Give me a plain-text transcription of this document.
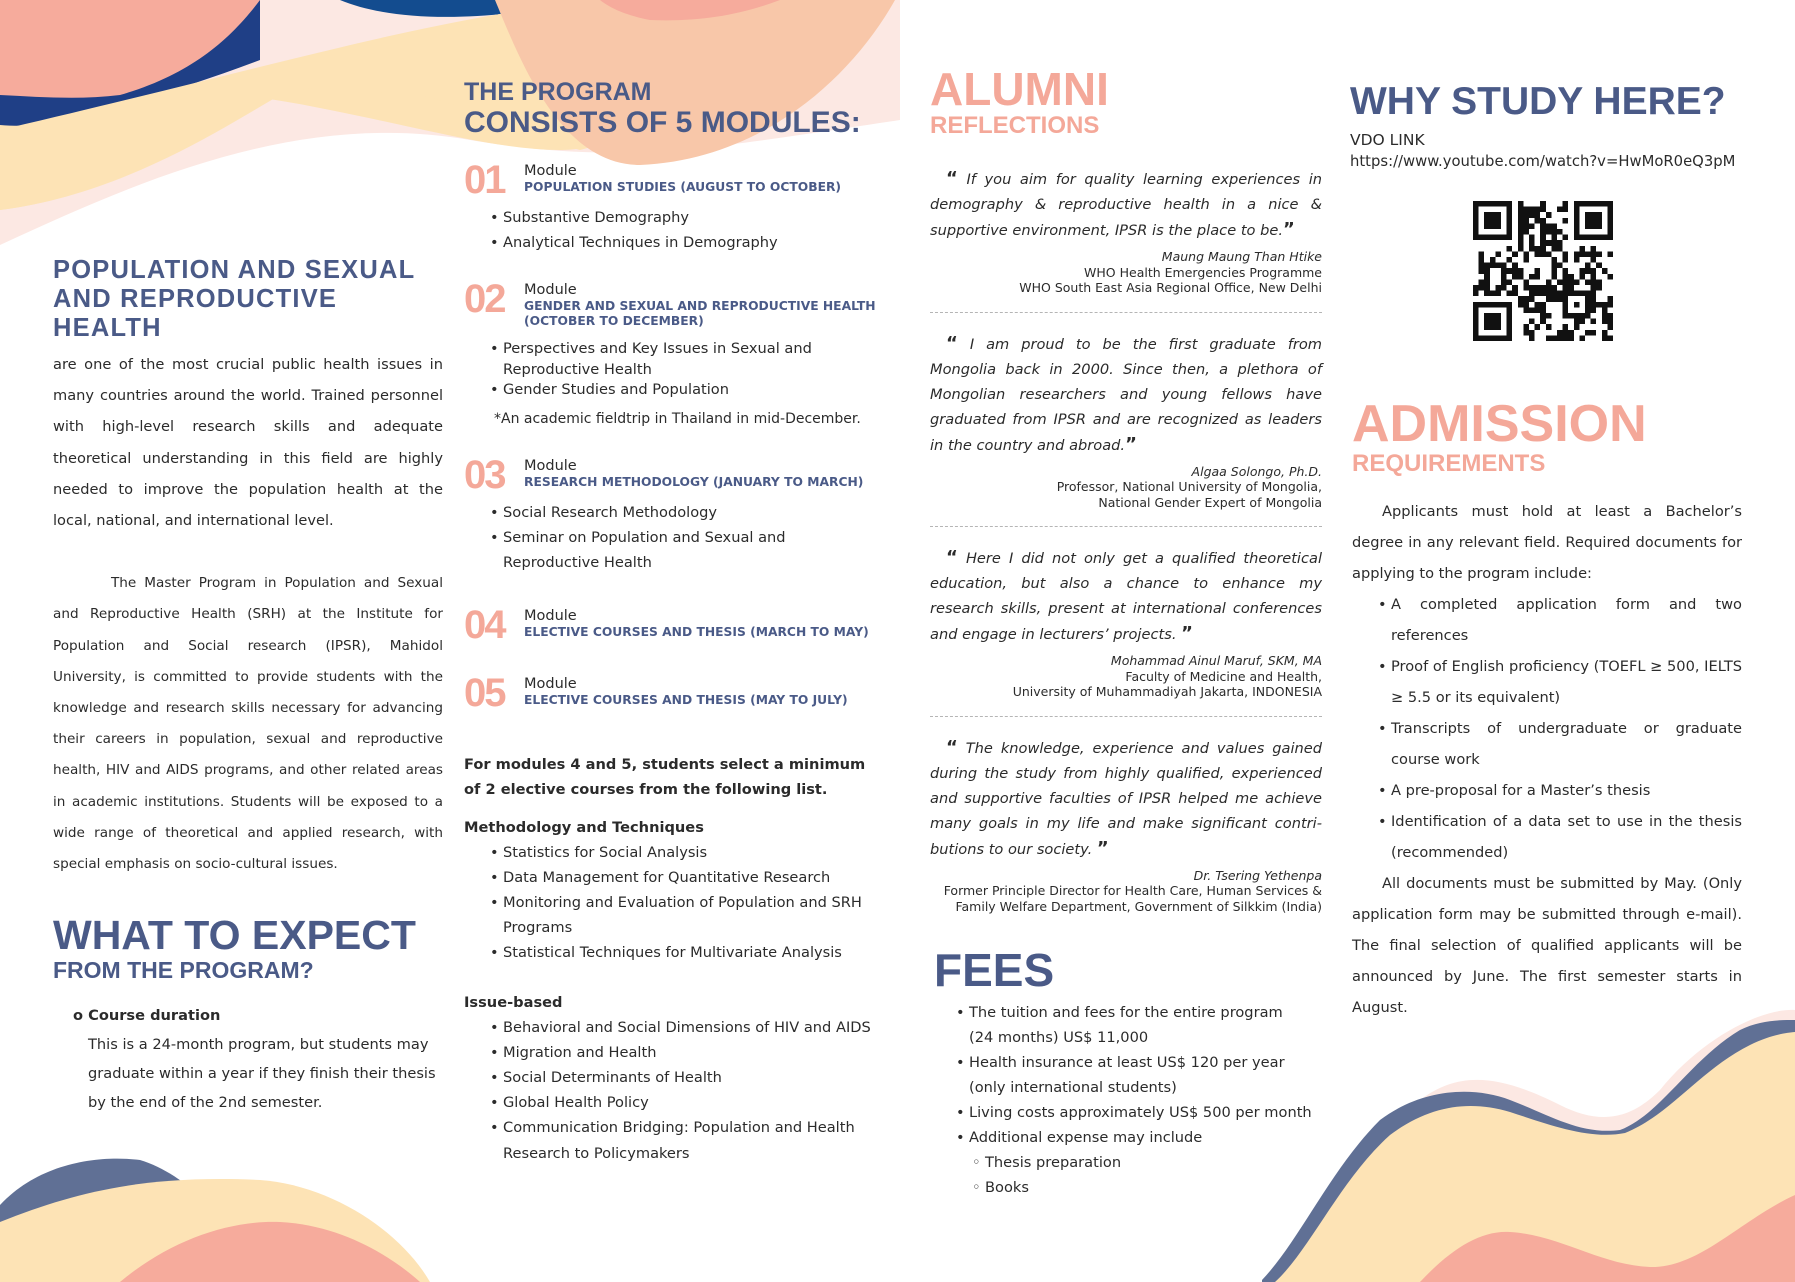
POPULATION AND SEXUAL
AND REPRODUCTIVE HEALTH

are one of the most crucial public health issues in many countries around the world. Trained personnel with high-level research skills and adequate theoretical understanding in this field are highly needed to improve the population health at the local, national, and international level.

The Master Program in Population and Sexual and Reproductive Health (SRH) at the Institute for Population and Social research (IPSR), Mahidol University, is committed to provide students with the knowledge and research skills necessary for advancing their careers in population, sexual and reproductive health, HIV and AIDS programs, and other related areas in academic institutions. Students will be exposed to a wide range of theoretical and applied research, with special emphasis on socio-cultural issues.

WHAT TO EXPECT
FROM THE PROGRAM?
o Course duration

This is a 24-month program, but students may graduate within a year if they finish their thesis by the end of the 2nd semester.

THE PROGRAM
CONSISTS OF 5 MODULES:
01 Module
POPULATION STUDIES (AUGUST TO OCTOBER)
• Substantive Demography
• Analytical Techniques in Demography
02 Module
GENDER AND SEXUAL AND REPRODUCTIVE HEALTH (OCTOBER TO DECEMBER)
• Perspectives and Key Issues in Sexual and Reproductive Health
• Gender Studies and Population

*An academic fieldtrip in Thailand in mid-December.

03 Module
RESEARCH METHODOLOGY (JANUARY TO MARCH)
• Social Research Methodology
• Seminar on Population and Sexual and Reproductive Health
04 Module
ELECTIVE COURSES AND THESIS (MARCH TO MAY)
05 Module
ELECTIVE COURSES AND THESIS (MAY TO JULY)

For modules 4 and 5, students select a minimum of 2 elective courses from the following list.

Methodology and Techniques
• Statistics for Social Analysis
• Data Management for Quantitative Research
• Monitoring and Evaluation of Population and SRH Programs
• Statistical Techniques for Multivariate Analysis
Issue-based
• Behavioral and Social Dimensions of HIV and AIDS
• Migration and Health
• Social Determinants of Health
• Global Health Policy
• Communication Bridging: Population and Health Research to Policymakers
ALUMNI
REFLECTIONS

“ If you aim for quality learning experiences in demography & reproductive health in a nice & supportive environment, IPSR is the place to be.”

Maung Maung Than Htike
WHO Health Emergencies Programme
WHO South East Asia Regional Office, New Delhi

“ I am proud to be the first graduate from Mongolia back in 2000. Since then, a plethora of Mongolian researchers and young fellows have graduated from IPSR and are recognized as leaders in the country and abroad.”

Algaa Solongo, Ph.D.
Professor, National University of Mongolia,
National Gender Expert of Mongolia

“ Here I did not only get a qualified theoretical education, but also a chance to enhance my research skills, present at international conferences and engage in lecturers’ projects. ”

Mohammad Ainul Maruf, SKM, MA
Faculty of Medicine and Health,
University of Muhammadiyah Jakarta, INDONESIA

“ The knowledge, experience and values gained during the study from highly qualified, experienced and supportive faculties of IPSR helped me achieve many goals in my life and make significant contri-butions to our society. ”

Dr. Tsering Yethenpa
Former Principle Director for Health Care, Human Services &
Family Welfare Department, Government of Silkkim (India)
FEES
• The tuition and fees for the entire program
(24 months) US$ 11,000
• Health insurance at least US$ 120 per year
(only international students)
• Living costs approximately US$ 500 per month
• Additional expense may include
◦ Thesis preparation
◦ Books
WHY STUDY HERE?
VDO LINK
https://www.youtube.com/watch?v=HwMoR0eQ3pM
ADMISSION
REQUIREMENTS

Applicants must hold at least a Bachelor’s degree in any relevant field. Required documents for applying to the program include:

• A completed application form and two references
• Proof of English proficiency (TOEFL ≥ 500, IELTS ≥ 5.5 or its equivalent)
• Transcripts of undergraduate or graduate course work
• A pre-proposal for a Master’s thesis
• Identification of a data set to use in the thesis (recommended)

All documents must be submitted by May. (Only application form may be submitted through e-mail). The final selection of qualified applicants will be announced by June. The first semester starts in August.
